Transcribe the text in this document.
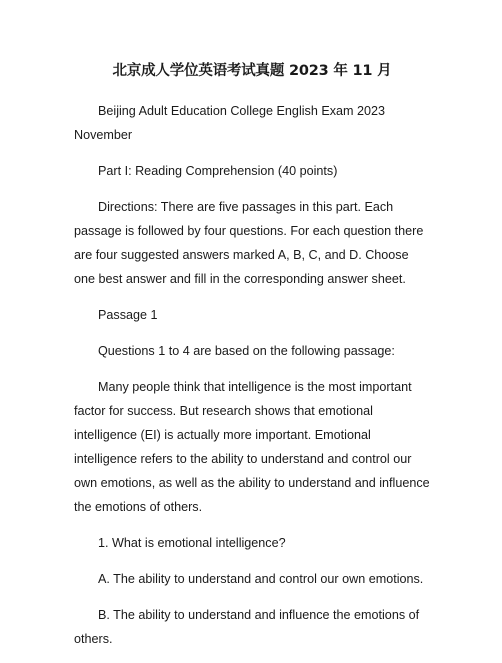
北京成人学位英语考试真题 2023 年 11 月

Beijing Adult Education College English Exam 2023 November

Part I: Reading Comprehension (40 points)

Directions: There are five passages in this part. Each passage is followed by four questions. For each question there are four suggested answers marked A, B, C, and D. Choose one best answer and fill in the corresponding answer sheet.

Passage 1

Questions 1 to 4 are based on the following passage:

Many people think that intelligence is the most important factor for success. But research shows that emotional intelligence (EI) is actually more important. Emotional intelligence refers to the ability to understand and control our own emotions, as well as the ability to understand and influence the emotions of others.

1. What is emotional intelligence?

A. The ability to understand and control our own emotions.

B. The ability to understand and influence the emotions of others.
